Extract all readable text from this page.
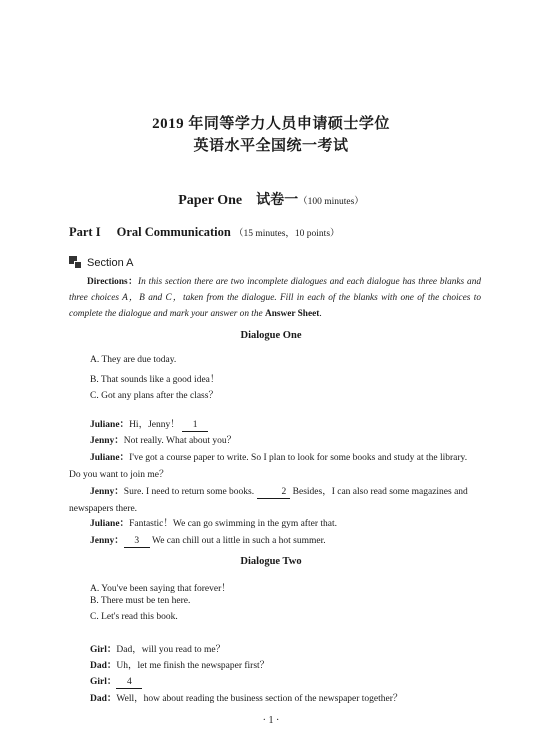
2019 年同等学力人员申请硕士学位
英语水平全国统一考试
Paper One 试卷一（100 minutes）
Part I Oral Communication （15 minutes，10 points）
Section A
Directions：In this section there are two incomplete dialogues and each dialogue has three blanks and three choices A，B and C，taken from the dialogue. Fill in each of the blanks with one of the choices to complete the dialogue and mark your answer on the Answer Sheet.
Dialogue One
A. They are due today.
B. That sounds like a good idea！
C. Got any plans after the class？
Juliane：Hi，Jenny！ 1
Jenny：Not really. What about you？
Juliane：I've got a course paper to write. So I plan to look for some books and study at the library. Do you want to join me？
Jenny：Sure. I need to return some books.	2 Besides，I can also read some magazines and newspapers there.
Juliane：Fantastic！We can go swimming in the gym after that.
Jenny： 3 We can chill out a little in such a hot summer.
Dialogue Two
A. You've been saying that forever！
B. There must be ten here.
C. Let's read this book.
Girl：Dad，will you read to me？
Dad：Uh，let me finish the newspaper first？
Girl： 4
Dad：Well，how about reading the business section of the newspaper together？
· 1 ·
